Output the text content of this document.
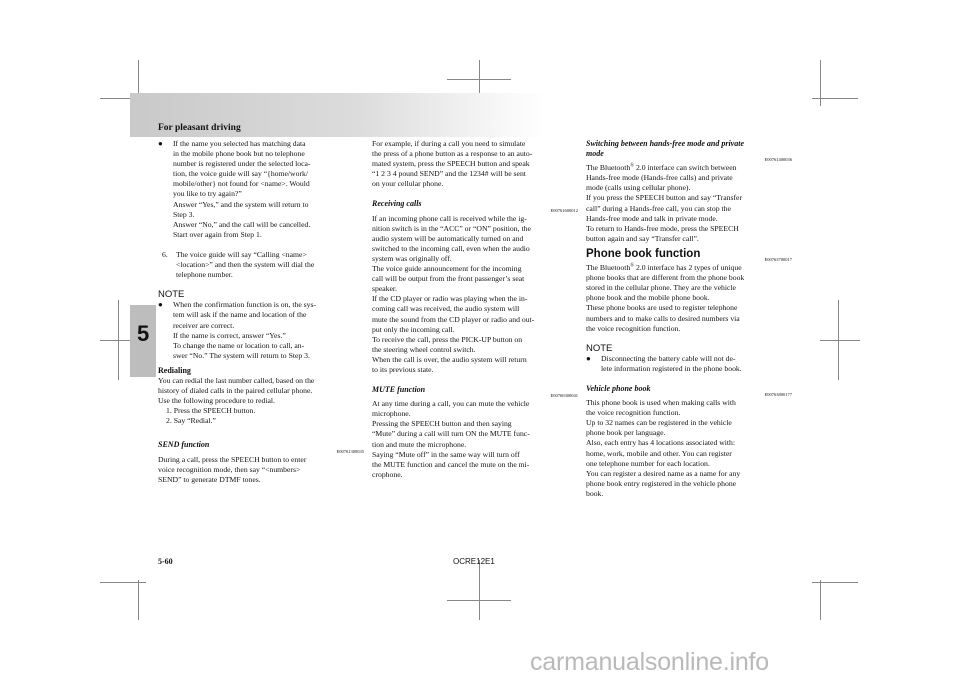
For pleasant driving
5

● If the name you selected has matching data

in the mobile phone book but no telephone

number is registered under the selected loca-

tion, the voice guide will say “{home/work/

mobile/other} not found for <name>. Would

you like to try again?”

Answer “Yes,” and the system will return to

Step 3.

Answer “No,” and the call will be cancelled.

Start over again from Step 1.

6. The voice guide will say “Calling <name>

<location>” and then the system will dial the

telephone number.

NOTE

● When the confirmation function is on, the sys-

tem will ask if the name and location of the

receiver are correct.

If the name is correct, answer “Yes.”

To change the name or location to call, an-

swer “No.” The system will return to Step 3.

Redialing

You can redial the last number called, based on the

history of dialed calls in the paired cellular phone.

Use the following procedure to redial.

1. Press the SPEECH button.

2. Say “Redial.”

SEND function

E00761300035

During a call, press the SPEECH button to enter

voice recognition mode, then say “<numbers>

SEND” to generate DTMF tones.

For example, if during a call you need to simulate

the press of a phone button as a response to an auto-

mated system, press the SPEECH button and speak

“1 2 3 4 pound SEND” and the 1234# will be sent

on your cellular phone.

Receiving calls

E00761600012

If an incoming phone call is received while the ig-

nition switch is in the “ACC” or “ON” position, the

audio system will be automatically turned on and

switched to the incoming call, even when the audio

system was originally off.

The voice guide announcement for the incoming

call will be output from the front passenger’s seat

speaker.

If the CD player or radio was playing when the in-

coming call was received, the audio system will

mute the sound from the CD player or radio and out-

put only the incoming call.

To receive the call, press the PICK-UP button on

the steering wheel control switch.

When the call is over, the audio system will return

to its previous state.

MUTE function

E00760300041

At any time during a call, you can mute the vehicle

microphone.

Pressing the SPEECH button and then saying

“Mute” during a call will turn ON the MUTE func-

tion and mute the microphone.

Saying “Mute off” in the same way will turn off

the MUTE function and cancel the mute on the mi-

crophone.

Switching between hands-free mode and private

mode

E00761400036

The Bluetooth® 2.0 interface can switch between

Hands-free mode (Hands-free calls) and private

mode (calls using cellular phone).

If you press the SPEECH button and say “Transfer

call” during a Hands-free call, you can stop the

Hands-free mode and talk in private mode.

To return to Hands-free mode, press the SPEECH

button again and say “Transfer call”.

Phone book function	E00763700017

The Bluetooth® 2.0 interface has 2 types of unique

phone books that are different from the phone book

stored in the cellular phone. They are the vehicle

phone book and the mobile phone book.

These phone books are used to register telephone

numbers and to make calls to desired numbers via

the voice recognition function.

NOTE

● Disconnecting the battery cable will not de-

lete information registered in the phone book.

Vehicle phone book

E00763800177

This phone book is used when making calls with

the voice recognition function.

Up to 32 names can be registered in the vehicle

phone book per language.

Also, each entry has 4 locations associated with:

home, work, mobile and other. You can register

one telephone number for each location.

You can register a desired name as a name for any

phone book entry registered in the vehicle phone

book.

5-60	OCRE12E1
carmanualsonline.info
